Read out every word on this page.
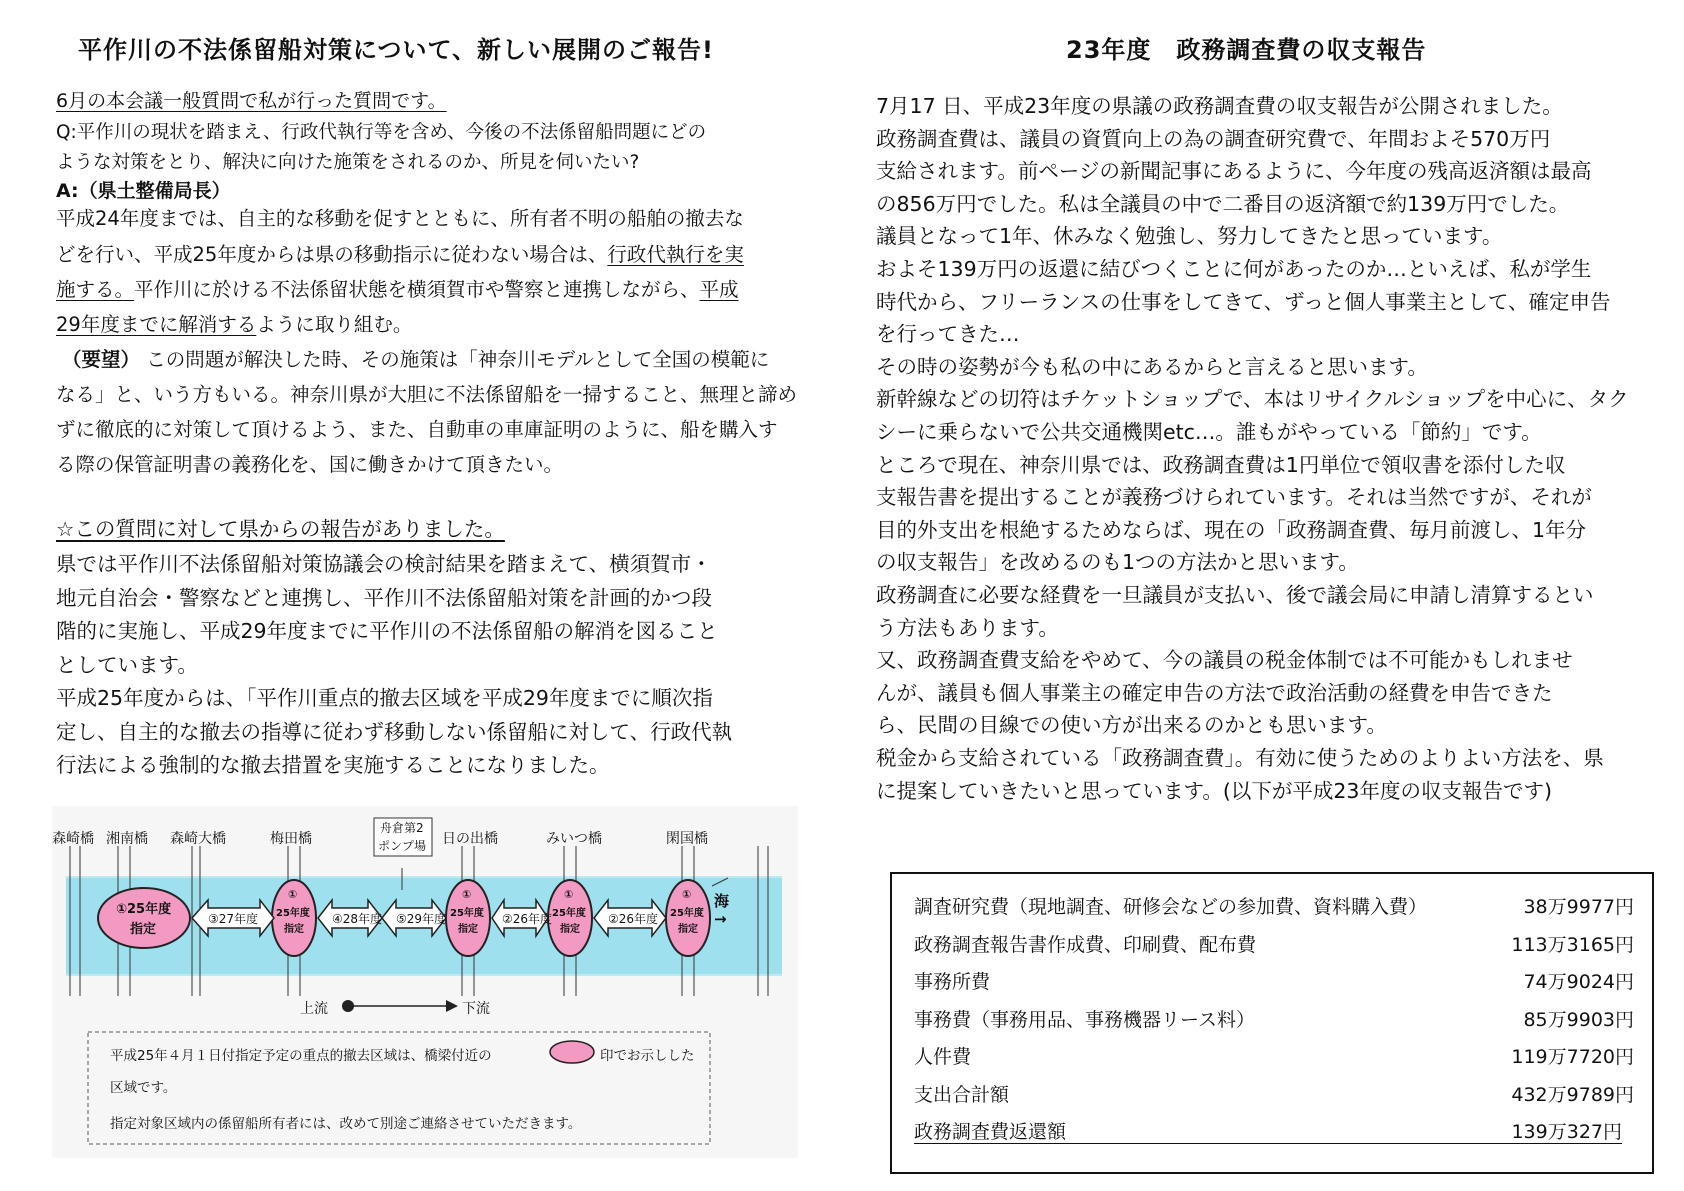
平作川の不法係留船対策について、新しい展開のご報告!
6月の本会議一般質問で私が行った質問です。
Q:平作川の現状を踏まえ、行政代執行等を含め、今後の不法係留船問題にどの
ような対策をとり、解決に向けた施策をされるのか、所見を伺いたい?
A:（県土整備局長）
平成24年度までは、自主的な移動を促すとともに、所有者不明の船舶の撤去な
どを行い、平成25年度からは県の移動指示に従わない場合は、行政代執行を実
施する。平作川に於ける不法係留状態を横須賀市や警察と連携しながら、平成
29年度までに解消するように取り組む。
（要望） この問題が解決した時、その施策は「神奈川モデルとして全国の模範に
なる」と、いう方もいる。神奈川県が大胆に不法係留船を一掃すること、無理と諦め
ずに徹底的に対策して頂けるよう、また、自動車の車庫証明のように、船を購入す
る際の保管証明書の義務化を、国に働きかけて頂きたい。
☆この質問に対して県からの報告がありました。
県では平作川不法係留船対策協議会の検討結果を踏まえて、横須賀市・
地元自治会・警察などと連携し、平作川不法係留船対策を計画的かつ段
階的に実施し、平成29年度までに平作川の不法係留船の解消を図ること
としています。
平成25年度からは、「平作川重点的撤去区域を平成29年度までに順次指
定し、自主的な撤去の指導に従わず移動しない係留船に対して、行政代執
行法による強制的な撤去措置を実施することになりました。
森崎橋 湘南橋 森崎大橋	梅田橋	日の出橋	みいつ橋	閑国橋
舟倉第2
ポンプ場
①25年度
指定
①
25年度
指定
①
25年度
指定
①
25年度
指定
①
25年度
指定
③27年度	④28年度 ⑤29年度	②26年度	②26年度
海
→
上流	下流
平成25年４月１日付指定予定の重点的撤去区域は、橋梁付近の	印でお示しした
区域です。
指定対象区域内の係留船所有者には、改めて別途ご連絡させていただきます。
23年度　政務調査費の収支報告
7月17 日、平成23年度の県議の政務調査費の収支報告が公開されました。
政務調査費は、議員の資質向上の為の調査研究費で、年間およそ570万円
支給されます。前ページの新聞記事にあるように、今年度の残高返済額は最高
の856万円でした。私は全議員の中で二番目の返済額で約139万円でした。
議員となって1年、休みなく勉強し、努力してきたと思っています。
およそ139万円の返還に結びつくことに何があったのか…といえば、私が学生
時代から、フリーランスの仕事をしてきて、ずっと個人事業主として、確定申告
を行ってきた…
その時の姿勢が今も私の中にあるからと言えると思います。
新幹線などの切符はチケットショップで、本はリサイクルショップを中心に、タク
シーに乗らないで公共交通機関etc…。誰もがやっている「節約」です。
ところで現在、神奈川県では、政務調査費は1円単位で領収書を添付した収
支報告書を提出することが義務づけられています。それは当然ですが、それが
目的外支出を根絶するためならば、現在の「政務調査費、毎月前渡し、1年分
の収支報告」を改めるのも1つの方法かと思います。
政務調査に必要な経費を一旦議員が支払い、後で議会局に申請し清算するとい
う方法もあります。
又、政務調査費支給をやめて、今の議員の税金体制では不可能かもしれませ
んが、議員も個人事業主の確定申告の方法で政治活動の経費を申告できた
ら、民間の目線での使い方が出来るのかとも思います。
税金から支給されている「政務調査費」。有効に使うためのよりよい方法を、県
に提案していきたいと思っています。(以下が平成23年度の収支報告です)
調査研究費（現地調査、研修会などの参加費、資料購入費）	38万9977円
政務調査報告書作成費、印刷費、配布費	113万3165円
事務所費	74万9024円
事務費（事務用品、事務機器リース料）	85万9903円
人件費	119万7720円
支出合計額	432万9789円
政務調査費返還額	139万327円
